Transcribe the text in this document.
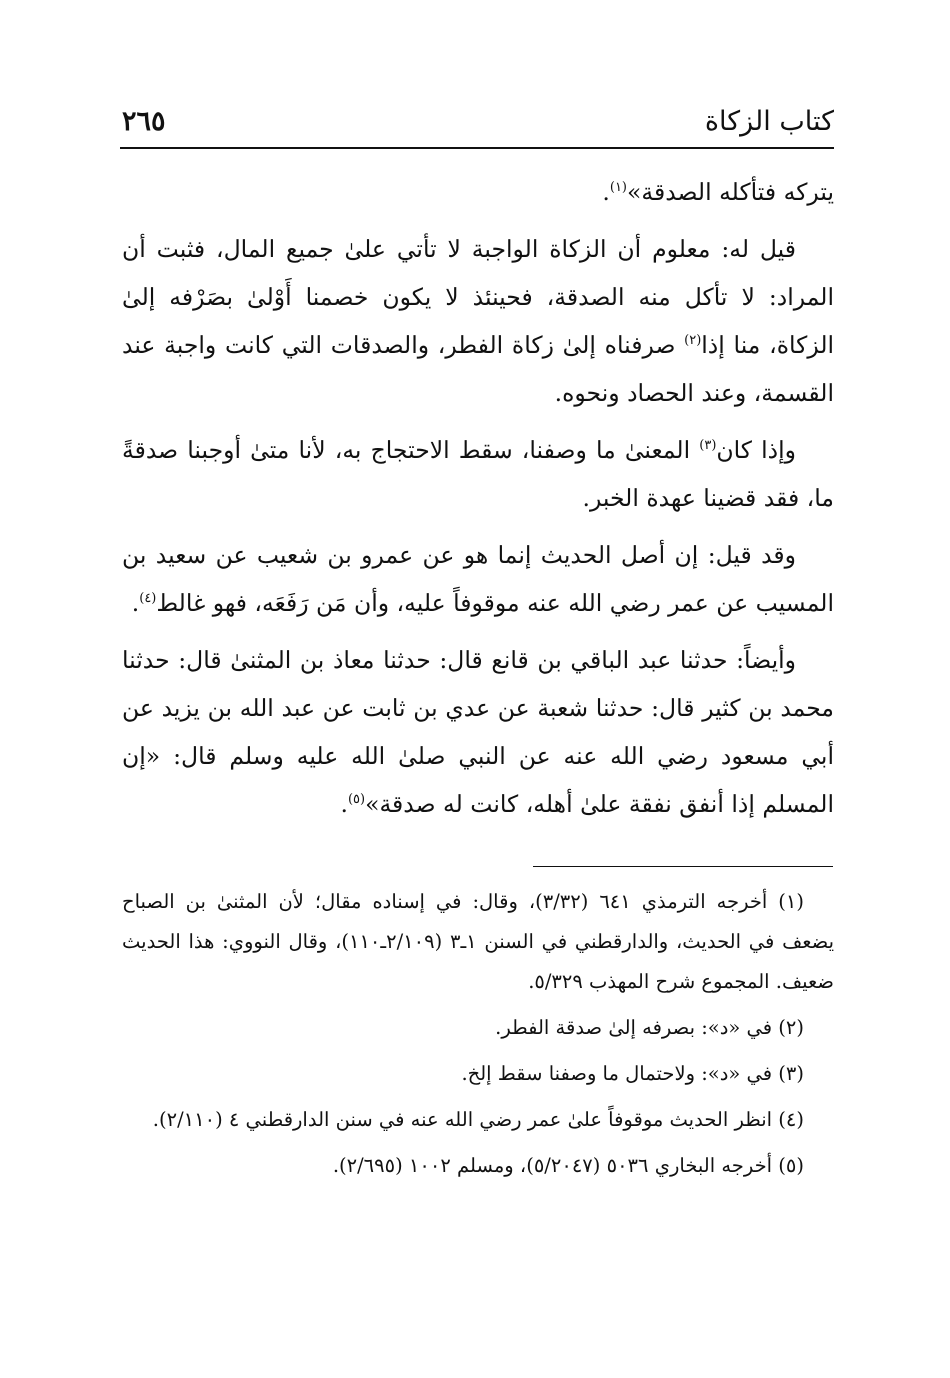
كتاب الزكاة
٢٦٥

يتركه فتأكله الصدقة»$^{(١)}$.

قيل له: معلوم أن الزكاة الواجبة لا تأتي علىٰ جميع المال، فثبت أن المراد: لا تأكل منه الصدقة، فحينئذ لا يكون خصمنا أَوْلىٰ بصَرْفه إلىٰ الزكاة، منا إذا$^{(٢)}$ صرفناه إلىٰ زكاة الفطر، والصدقات التي كانت واجبة عند القسمة، وعند الحصاد ونحوه.

وإذا كان$^{(٣)}$ المعنىٰ ما وصفنا، سقط الاحتجاج به، لأنا متىٰ أوجبنا صدقةً ما، فقد قضينا عهدة الخبر.

وقد قيل: إن أصل الحديث إنما هو عن عمرو بن شعيب عن سعيد بن المسيب عن عمر رضي الله عنه موقوفاً عليه، وأن مَن رَفَعَه، فهو غالط$^{(٤)}$.

وأيضاً: حدثنا عبد الباقي بن قانع قال: حدثنا معاذ بن المثنىٰ قال: حدثنا محمد بن كثير قال: حدثنا شعبة عن عدي بن ثابت عن عبد الله بن يزيد عن أبي مسعود رضي الله عنه عن النبي صلىٰ الله عليه وسلم قال: «إن المسلم إذا أنفق نفقة علىٰ أهله، كانت له صدقة»$^{(٥)}$.

(١) أخرجه الترمذي ٦٤١ (٣/٣٢)، وقال: في إسناده مقال؛ لأن المثنىٰ بن الصباح يضعف في الحديث، والدارقطني في السنن ١ـ٣ (٢/١٠٩ـ١١٠)، وقال النووي: هذا الحديث ضعيف. المجموع شرح المهذب ٥/٣٢٩.

(٢) في «د»: بصرفه إلىٰ صدقة الفطر.

(٣) في «د»: ولاحتمال ما وصفنا سقط إلخ.

(٤) انظر الحديث موقوفاً علىٰ عمر رضي الله عنه في سنن الدارقطني ٤ (٢/١١٠).

(٥) أخرجه البخاري ٥٠٣٦ (٥/٢٠٤٧)، ومسلم ١٠٠٢ (٢/٦٩٥).
